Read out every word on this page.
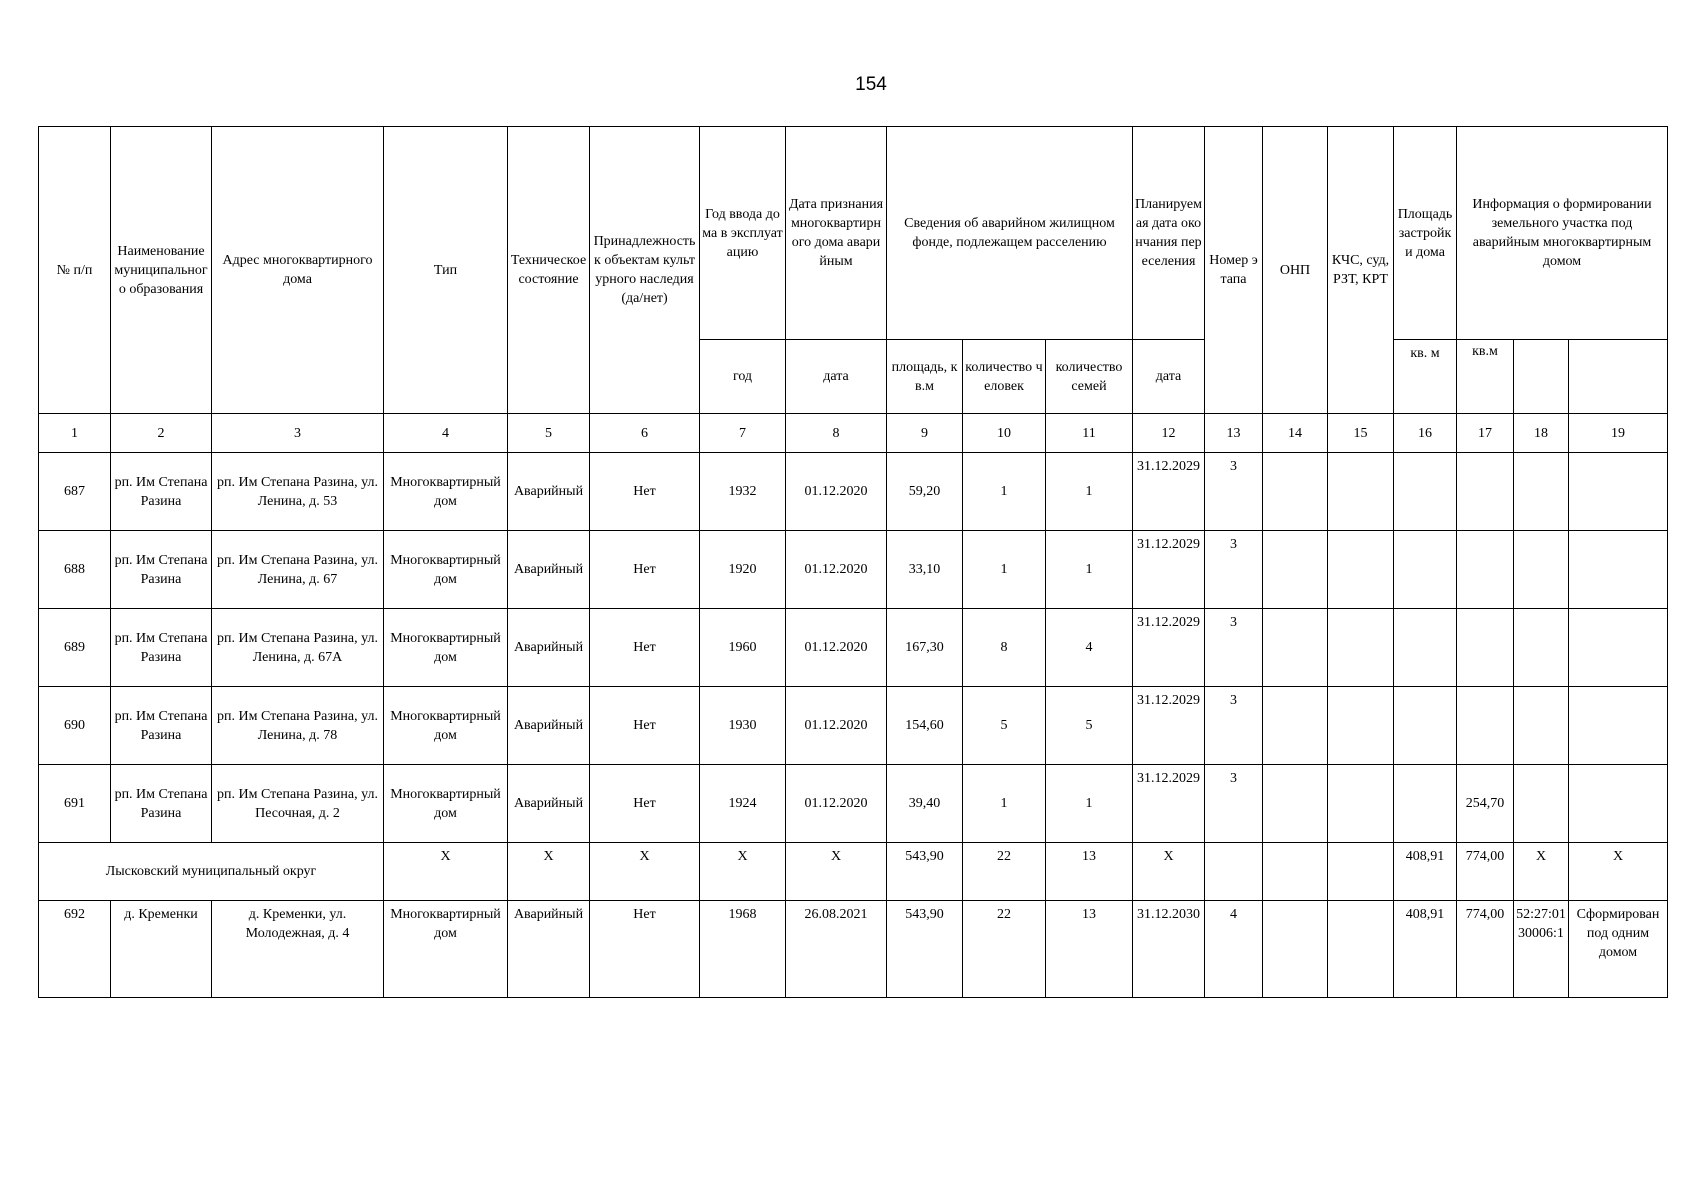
154
№ п/п	Наименование муниципального образования	Адрес многоквартирного дома	Тип	Техническое состояние	Принадлежность к объектам культурного наследия (да/нет)	Год ввода дома в эксплуатацию	Дата признания многоквартирного дома аварийным	Сведения об аварийном жилищном фонде, подлежащем расселению			Планируемая дата окончания переселения	Номер этапа	ОНП	КЧС, суд, РЗТ, КРТ	Площадь застройки дома	Информация о формировании земельного участка под аварийным многоквартирным домом		
						год	дата	площадь, кв.м	количество человек	количество семей	дата				кв. м	кв.м

1	2	3	4	5	6	7	8	9	10	11	12	13	14	15	16	17	18	19
687	рп. Им Степана Разина	рп. Им Степана Разина, ул. Ленина, д. 53	Многоквартирный дом	Аварийный	Нет	1932	01.12.2020	59,20	1	1	31.12.2029	3						
688	рп. Им Степана Разина	рп. Им Степана Разина, ул. Ленина, д. 67	Многоквартирный дом	Аварийный	Нет	1920	01.12.2020	33,10	1	1	31.12.2029	3						
689	рп. Им Степана Разина	рп. Им Степана Разина, ул. Ленина, д. 67А	Многоквартирный дом	Аварийный	Нет	1960	01.12.2020	167,30	8	4	31.12.2029	3						
690	рп. Им Степана Разина	рп. Им Степана Разина, ул. Ленина, д. 78	Многоквартирный дом	Аварийный	Нет	1930	01.12.2020	154,60	5	5	31.12.2029	3						
691	рп. Им Степана Разина	рп. Им Степана Разина, ул. Песочная, д. 2	Многоквартирный дом	Аварийный	Нет	1924	01.12.2020	39,40	1	1	31.12.2029	3				254,70		
Лысковский муниципальный округ			X	X	X	X	X	543,90	22	13	X				408,91	774,00	X	X
692	д. Кременки	д. Кременки, ул. Молодежная, д. 4	Многоквартирный дом	Аварийный	Нет	1968	26.08.2021	543,90	22	13	31.12.2030	4			408,91	774,00	52:27:0130006:1	Сформирован под одним домом
